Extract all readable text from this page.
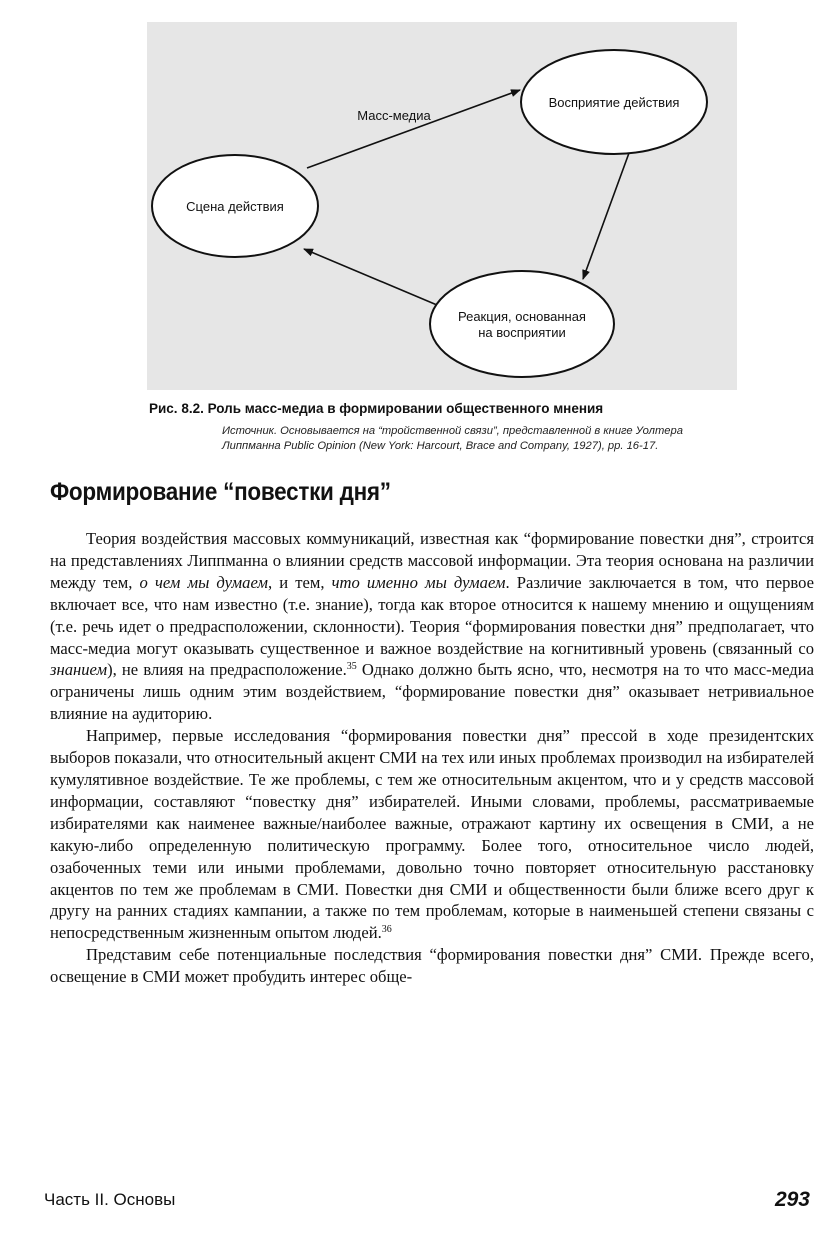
Сцена действия
Восприятие действия
Реакция, основанная
на восприятии
Масс-медиа
Рис. 8.2. Роль масс-медиа в формировании общественного мнения
Источник. Основывается на “тройственной связи”, представленной в книге Уолтера
Липпманна Public Opinion (New York: Harcourt, Brace and Company, 1927), pp. 16-17.
Формирование “повестки дня”

Теория воздействия массовых коммуникаций, известная как “формирование повестки дня”, строится на представлениях Липпманна о влиянии средств массовой информации. Эта теория основана на различии между тем, о чем мы думаем, и тем, что именно мы думаем. Различие заключается в том, что первое включает все, что нам известно (т.е. знание), тогда как второе относится к нашему мнению и ощущениям (т.е. речь идет о предрасположении, склонности). Теория “формирования повестки дня” предполагает, что масс-медиа могут оказывать существенное и важное воздействие на когнитивный уровень (связанный со знанием), не влияя на предрасположение.$^{35}$ Однако должно быть ясно, что, несмотря на то что масс-медиа ограничены лишь одним этим воздействием, “формирование повестки дня” оказывает нетривиальное влияние на аудиторию.

Например, первые исследования “формирования повестки дня” прессой в ходе президентских выборов показали, что относительный акцент СМИ на тех или иных проблемах производил на избирателей кумулятивное воздействие. Те же проблемы, с тем же относительным акцентом, что и у средств массовой информации, составляют “повестку дня” избирателей. Иными словами, проблемы, рассматриваемые избирателями как наименее важные/наиболее важные, отражают картину их освещения в СМИ, а не какую-либо определенную политическую программу. Более того, относительное число людей, озабоченных теми или иными проблемами, довольно точно повторяет относительную расстановку акцентов по тем же проблемам в СМИ. Повестки дня СМИ и общественности были ближе всего друг к другу на ранних стадиях кампании, а также по тем проблемам, которые в наименьшей степени связаны с непосредственным жизненным опытом людей.$^{36}$

Представим себе потенциальные последствия “формирования повестки дня” СМИ. Прежде всего, освещение в СМИ может пробудить интерес обще-

Часть II. Основы	293
